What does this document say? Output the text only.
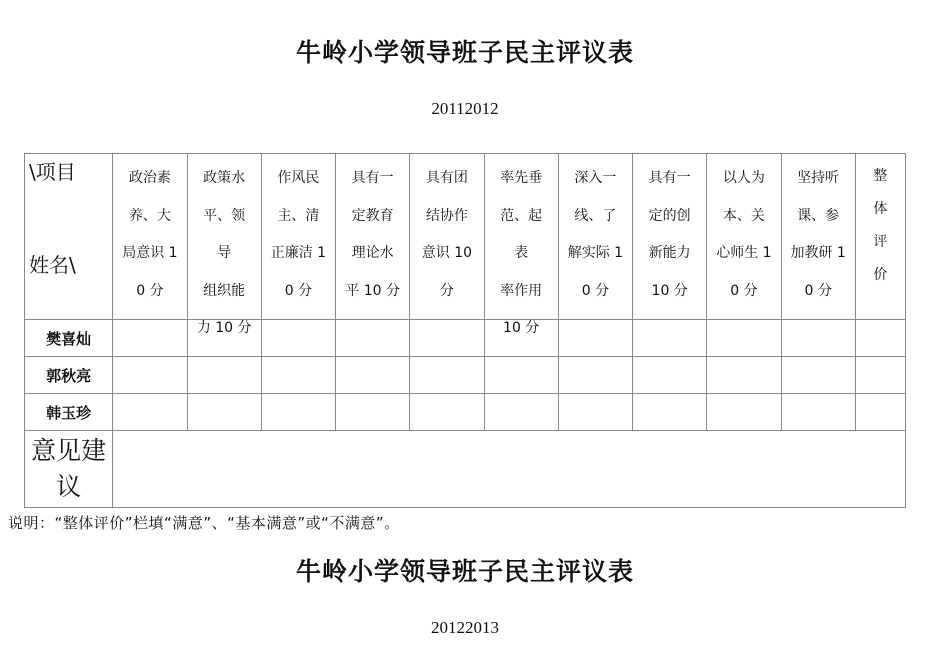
牛岭小学领导班子民主评议表
20112012
\项目
姓名\	政治素
养、大
局意识 1
0 分	政策水
平、领
导
组织能
力 10 分	作风民
主、清
正廉洁 1
0 分	具有一
定教育
理论水
平 10 分	具有团
结协作
意识 10
分	率先垂
范、起
表
率作用
10 分	深入一
线、了
解实际 1
0 分	具有一
定的创
新能力
10 分	以人为
本、关
心师生 1
0 分	坚持听
课、参
加教研 1
0 分	整
体
评
价

樊喜灿											
郭秋亮											
韩玉珍											

意见建
议											

说明：“整体评价”栏填“满意”、“基本满意”或“不满意”。
牛岭小学领导班子民主评议表
20122013
